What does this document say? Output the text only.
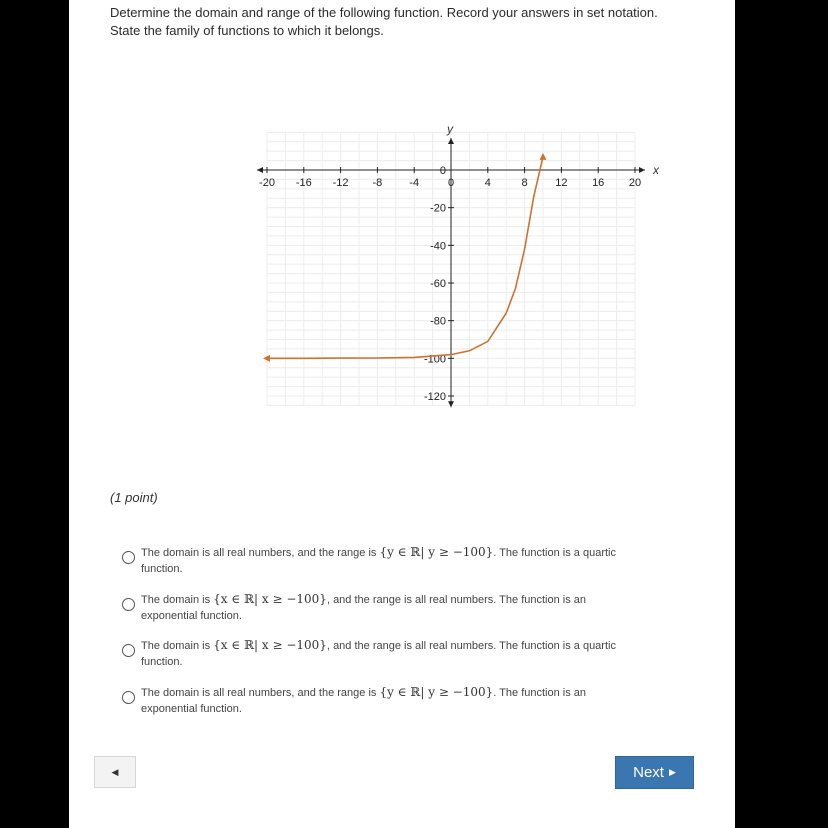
Determine the domain and range of the following function. Record your answers in set notation.
State the family of functions to which it belongs.

x
y
-20 -16 -12 -8 -4	0	4	8	12 16 20
0
-20
-40
-60
-80
-100
-120
(1 point)
The domain is all real numbers, and the range is {y ∈ ℝ| y ≥ −100}. The function is a quartic
function.
The domain is {x ∈ ℝ| x ≥ −100}, and the range is all real numbers. The function is an
exponential function.
The domain is {x ∈ ℝ| x ≥ −100}, and the range is all real numbers. The function is a quartic
function.
The domain is all real numbers, and the range is {y ∈ ℝ| y ≥ −100}. The function is an
exponential function.
◀	Next ▶
